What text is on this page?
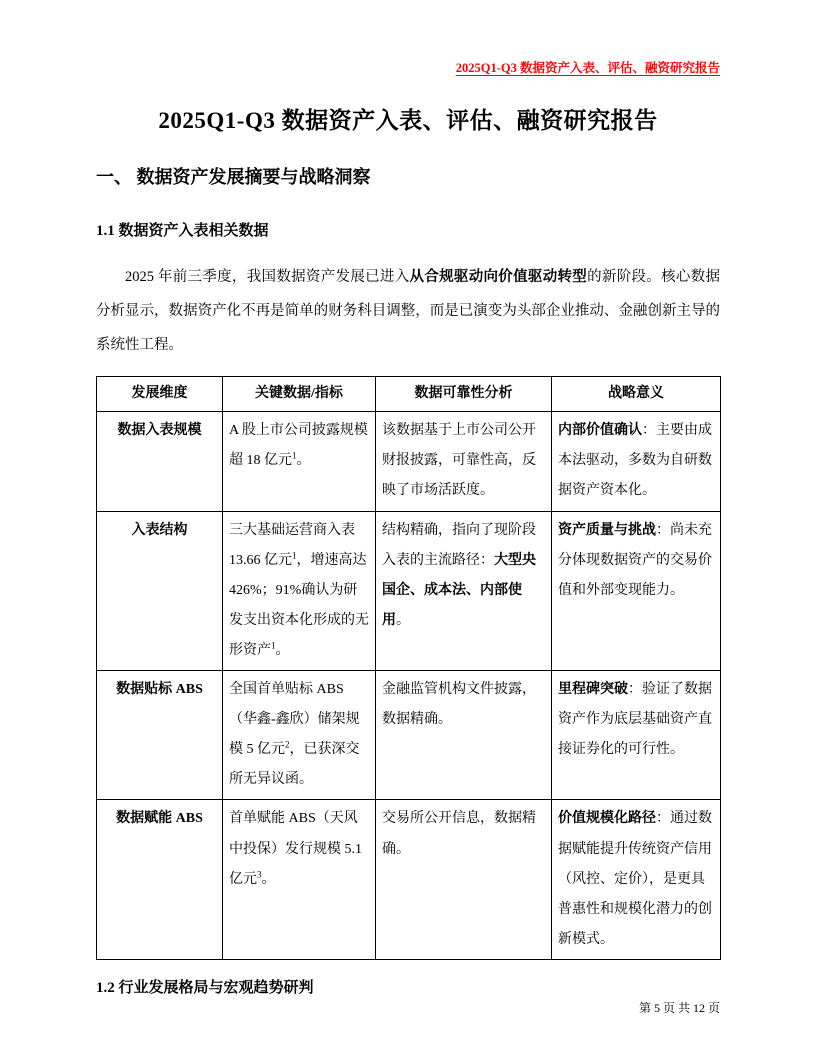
2025Q1-Q3 数据资产入表、评估、融资研究报告
2025Q1-Q3 数据资产入表、评估、融资研究报告
一、 数据资产发展摘要与战略洞察
1.1 数据资产入表相关数据

2025 年前三季度，我国数据资产发展已进入从合规驱动向价值驱动转型的新阶段。核心数据分析显示，数据资产化不再是简单的财务科目调整，而是已演变为头部企业推动、金融创新主导的系统性工程。

发展维度	关键数据/指标	数据可靠性分析	战略意义
数据入表规模	A 股上市公司披露规模超 18 亿元$^1$。	该数据基于上市公司公开财报披露，可靠性高，反映了市场活跃度。	内部价值确认：主要由成本法驱动，多数为自研数据资产资本化。
入表结构	三大基础运营商入表 13.66 亿元$^1$，增速高达 426%；91%确认为研发支出资本化形成的无形资产$^1$。	结构精确，指向了现阶段入表的主流路径：大型央国企、成本法、内部使用。	资产质量与挑战：尚未充分体现数据资产的交易价值和外部变现能力。
数据贴标 ABS	全国首单贴标 ABS（华鑫-鑫欣）储架规模 5 亿元$^2$，已获深交所无异议函。	金融监管机构文件披露，数据精确。	里程碑突破：验证了数据资产作为底层基础资产直接证券化的可行性。
数据赋能 ABS	首单赋能 ABS（天风中投保）发行规模 5.1 亿元$^3$。	交易所公开信息，数据精确。	价值规模化路径：通过数据赋能提升传统资产信用（风控、定价），是更具普惠性和规模化潜力的创新模式。
1.2 行业发展格局与宏观趋势研判
第 5 页 共 12 页
